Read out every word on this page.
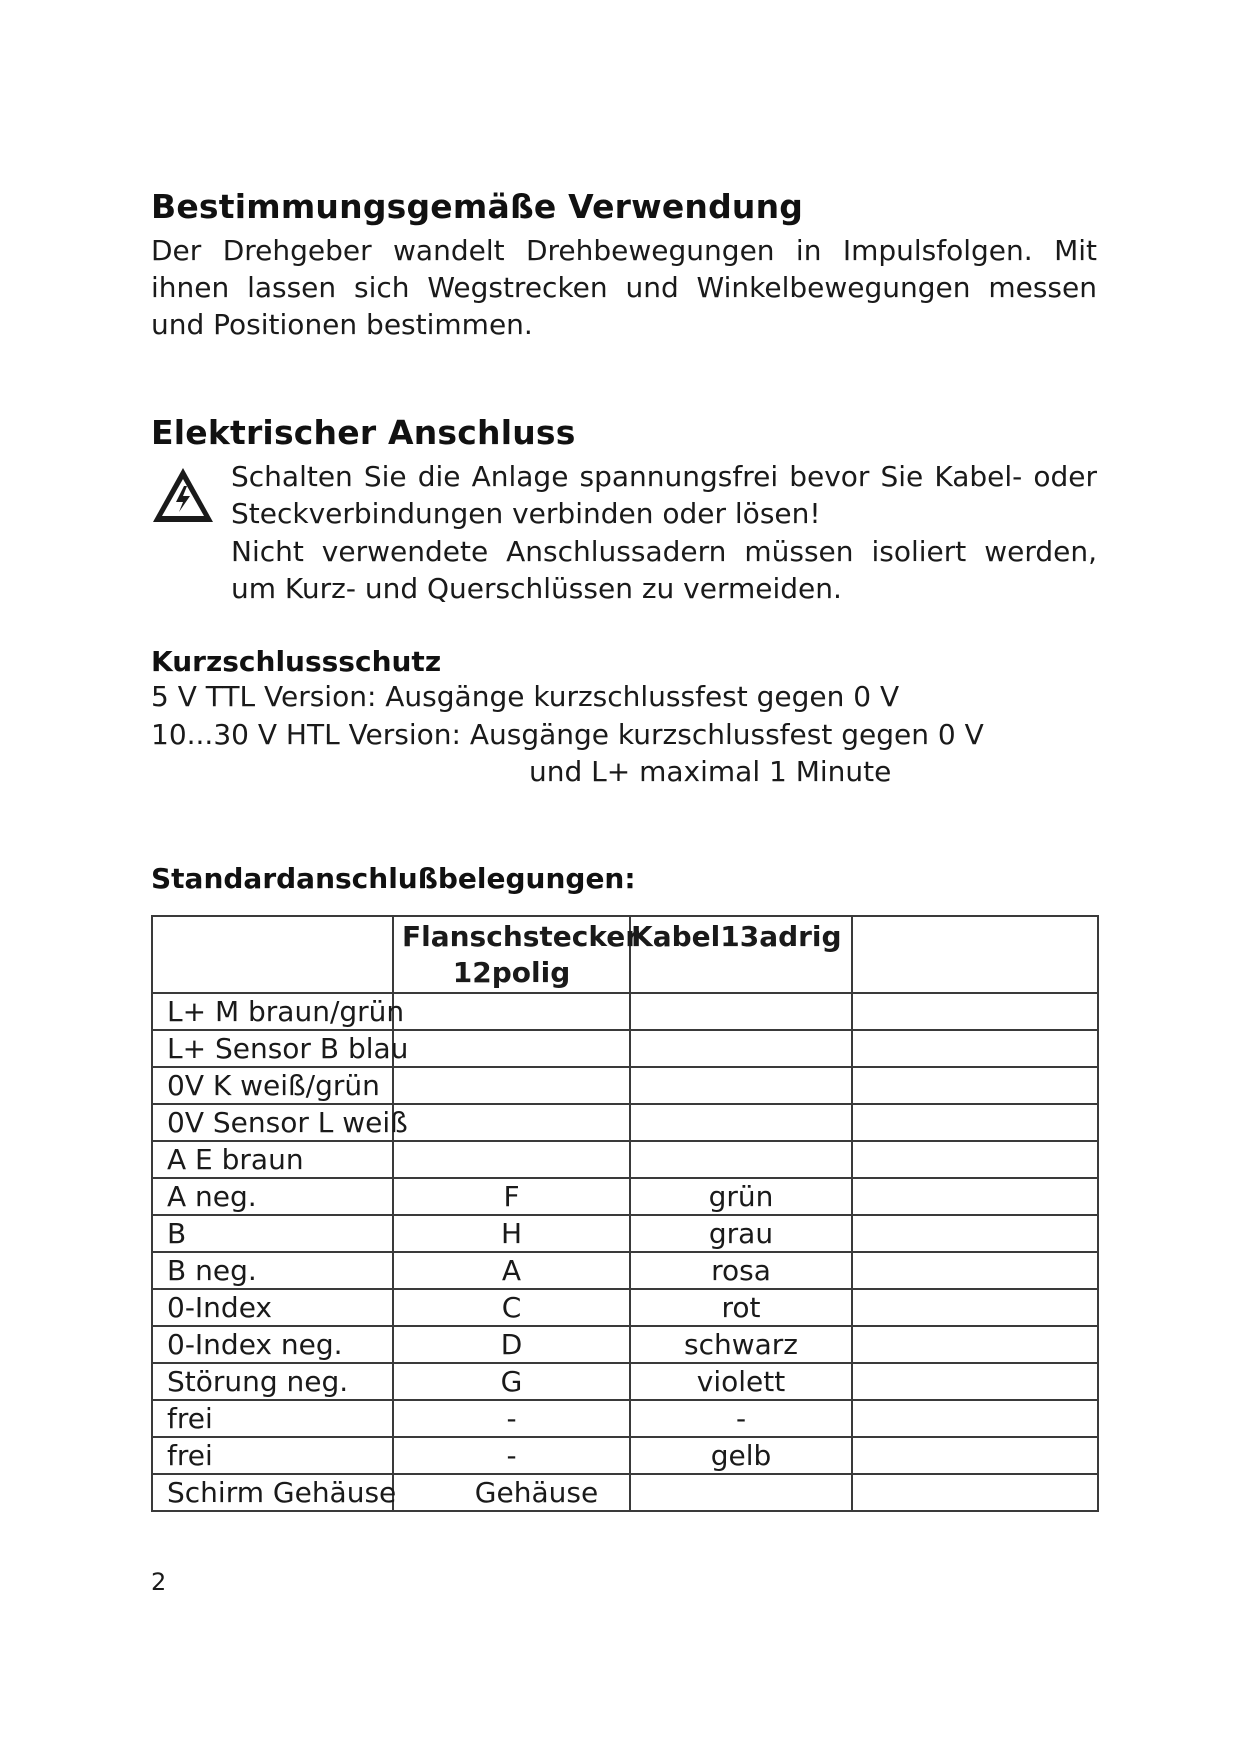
Bestimmungsgemäße Verwendung

Der Drehgeber wandelt Drehbewegungen in Impulsfolgen. Mit ihnen lassen sich Wegstrecken und Winkelbewegungen messen und Positionen bestimmen.

Elektrischer Anschluss

Schalten Sie die Anlage spannungsfrei bevor Sie Kabel- oder Steckverbindungen verbinden oder lösen!

Nicht verwendete Anschlussadern müssen isoliert werden, um Kurz- und Querschlüssen zu vermeiden.

Kurzschlussschutz

5 V TTL Version: Ausgänge kurzschlussfest gegen 0 V

10...30 V HTL Version: Ausgänge kurzschlussfest gegen 0 V

und L+ maximal 1 Minute

Standardanschlußbelegungen:
	Flanschstecker 12polig	Kabel13adrig	
L+ M braun/grün			
L+ Sensor B blau			
0V K weiß/grün			
0V Sensor L weiß			
A E braun			
A neg.	F	grün	
B	H	grau	
B neg.	A	rosa	
0-Index	C	rot	
0-Index neg.	D	schwarz	
Störung neg.	G	violett	
frei	-	-	
frei	-	gelb	
Schirm Gehäuse	Gehäuse		

2
